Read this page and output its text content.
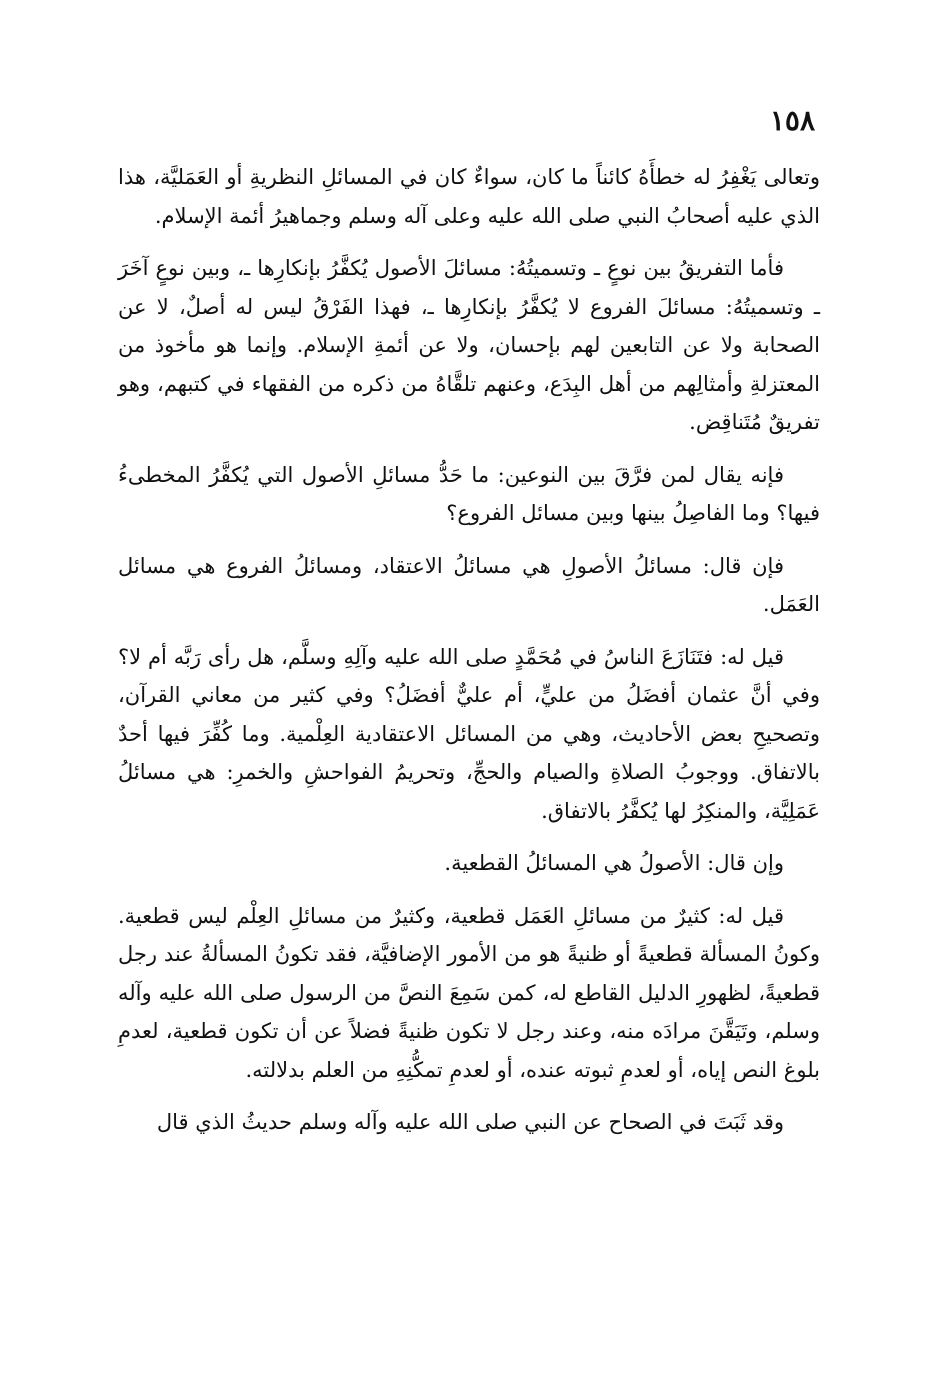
١٥٨

وتعالى يَغْفِرُ له خطأَهُ كائناً ما كان، سواءٌ كان في المسائلِ النظريةِ أو العَمَليَّة، هذا الذي عليه أصحابُ النبي صلى الله عليه وعلى آله وسلم وجماهيرُ أئمة الإسلام.

فأما التفريقُ بين نوعٍ ـ وتسميتُهُ: مسائلَ الأصول يُكفَّرُ بإنكارِها ـ، وبين نوعٍ آخَرَ ـ وتسميتُهُ: مسائلَ الفروع لا يُكفَّرُ بإنكارِها ـ، فهذا الفَرْقُ ليس له أصلٌ، لا عن الصحابة ولا عن التابعين لهم بإحسان، ولا عن أئمةِ الإسلام. وإنما هو مأخوذ من المعتزلةِ وأمثالِهم من أهل البِدَع، وعنهم تلقَّاهُ من ذكره من الفقهاء في كتبهم، وهو تفريقٌ مُتَناقِض.

فإنه يقال لمن فرَّقَ بين النوعين: ما حَدُّ مسائلِ الأصول التي يُكفَّرُ المخطىءُ فيها؟ وما الفاصِلُ بينها وبين مسائل الفروع؟

فإن قال: مسائلُ الأصولِ هي مسائلُ الاعتقاد، ومسائلُ الفروع هي مسائل العَمَل.

قيل له: فتَنَازَعَ الناسُ في مُحَمَّدٍ صلى الله عليه وآلِهِ وسلَّم، هل رأى رَبَّه أم لا؟ وفي أنَّ عثمان أفضَلُ من عليٍّ، أم عليٌّ أفضَلُ؟ وفي كثير من معاني القرآن، وتصحيحِ بعض الأحاديث، وهي من المسائل الاعتقادية العِلْمية. وما كُفِّرَ فيها أحدٌ بالاتفاق. ووجوبُ الصلاةِ والصيام والحجِّ، وتحريمُ الفواحشِ والخمرِ: هي مسائلُ عَمَلِيَّة، والمنكِرُ لها يُكفَّرُ بالاتفاق.

وإن قال: الأصولُ هي المسائلُ القطعية.

قيل له: كثيرٌ من مسائلِ العَمَل قطعية، وكثيرٌ من مسائلِ العِلْم ليس قطعية. وكونُ المسألة قطعيةً أو ظنيةً هو من الأمور الإضافيَّة، فقد تكونُ المسألةُ عند رجل قطعيةً، لظهورِ الدليل القاطع له، كمن سَمِعَ النصَّ من الرسول صلى الله عليه وآله وسلم، وتَيَقَّنَ مرادَه منه، وعند رجل لا تكون ظنيةً فضلاً عن أن تكون قطعية، لعدمِ بلوغ النص إياه، أو لعدمِ ثبوته عنده، أو لعدمِ تمكُّنِهِ من العلم بدلالته.

وقد ثَبَتَ في الصحاح عن النبي صلى الله عليه وآله وسلم حديثُ الذي قال
